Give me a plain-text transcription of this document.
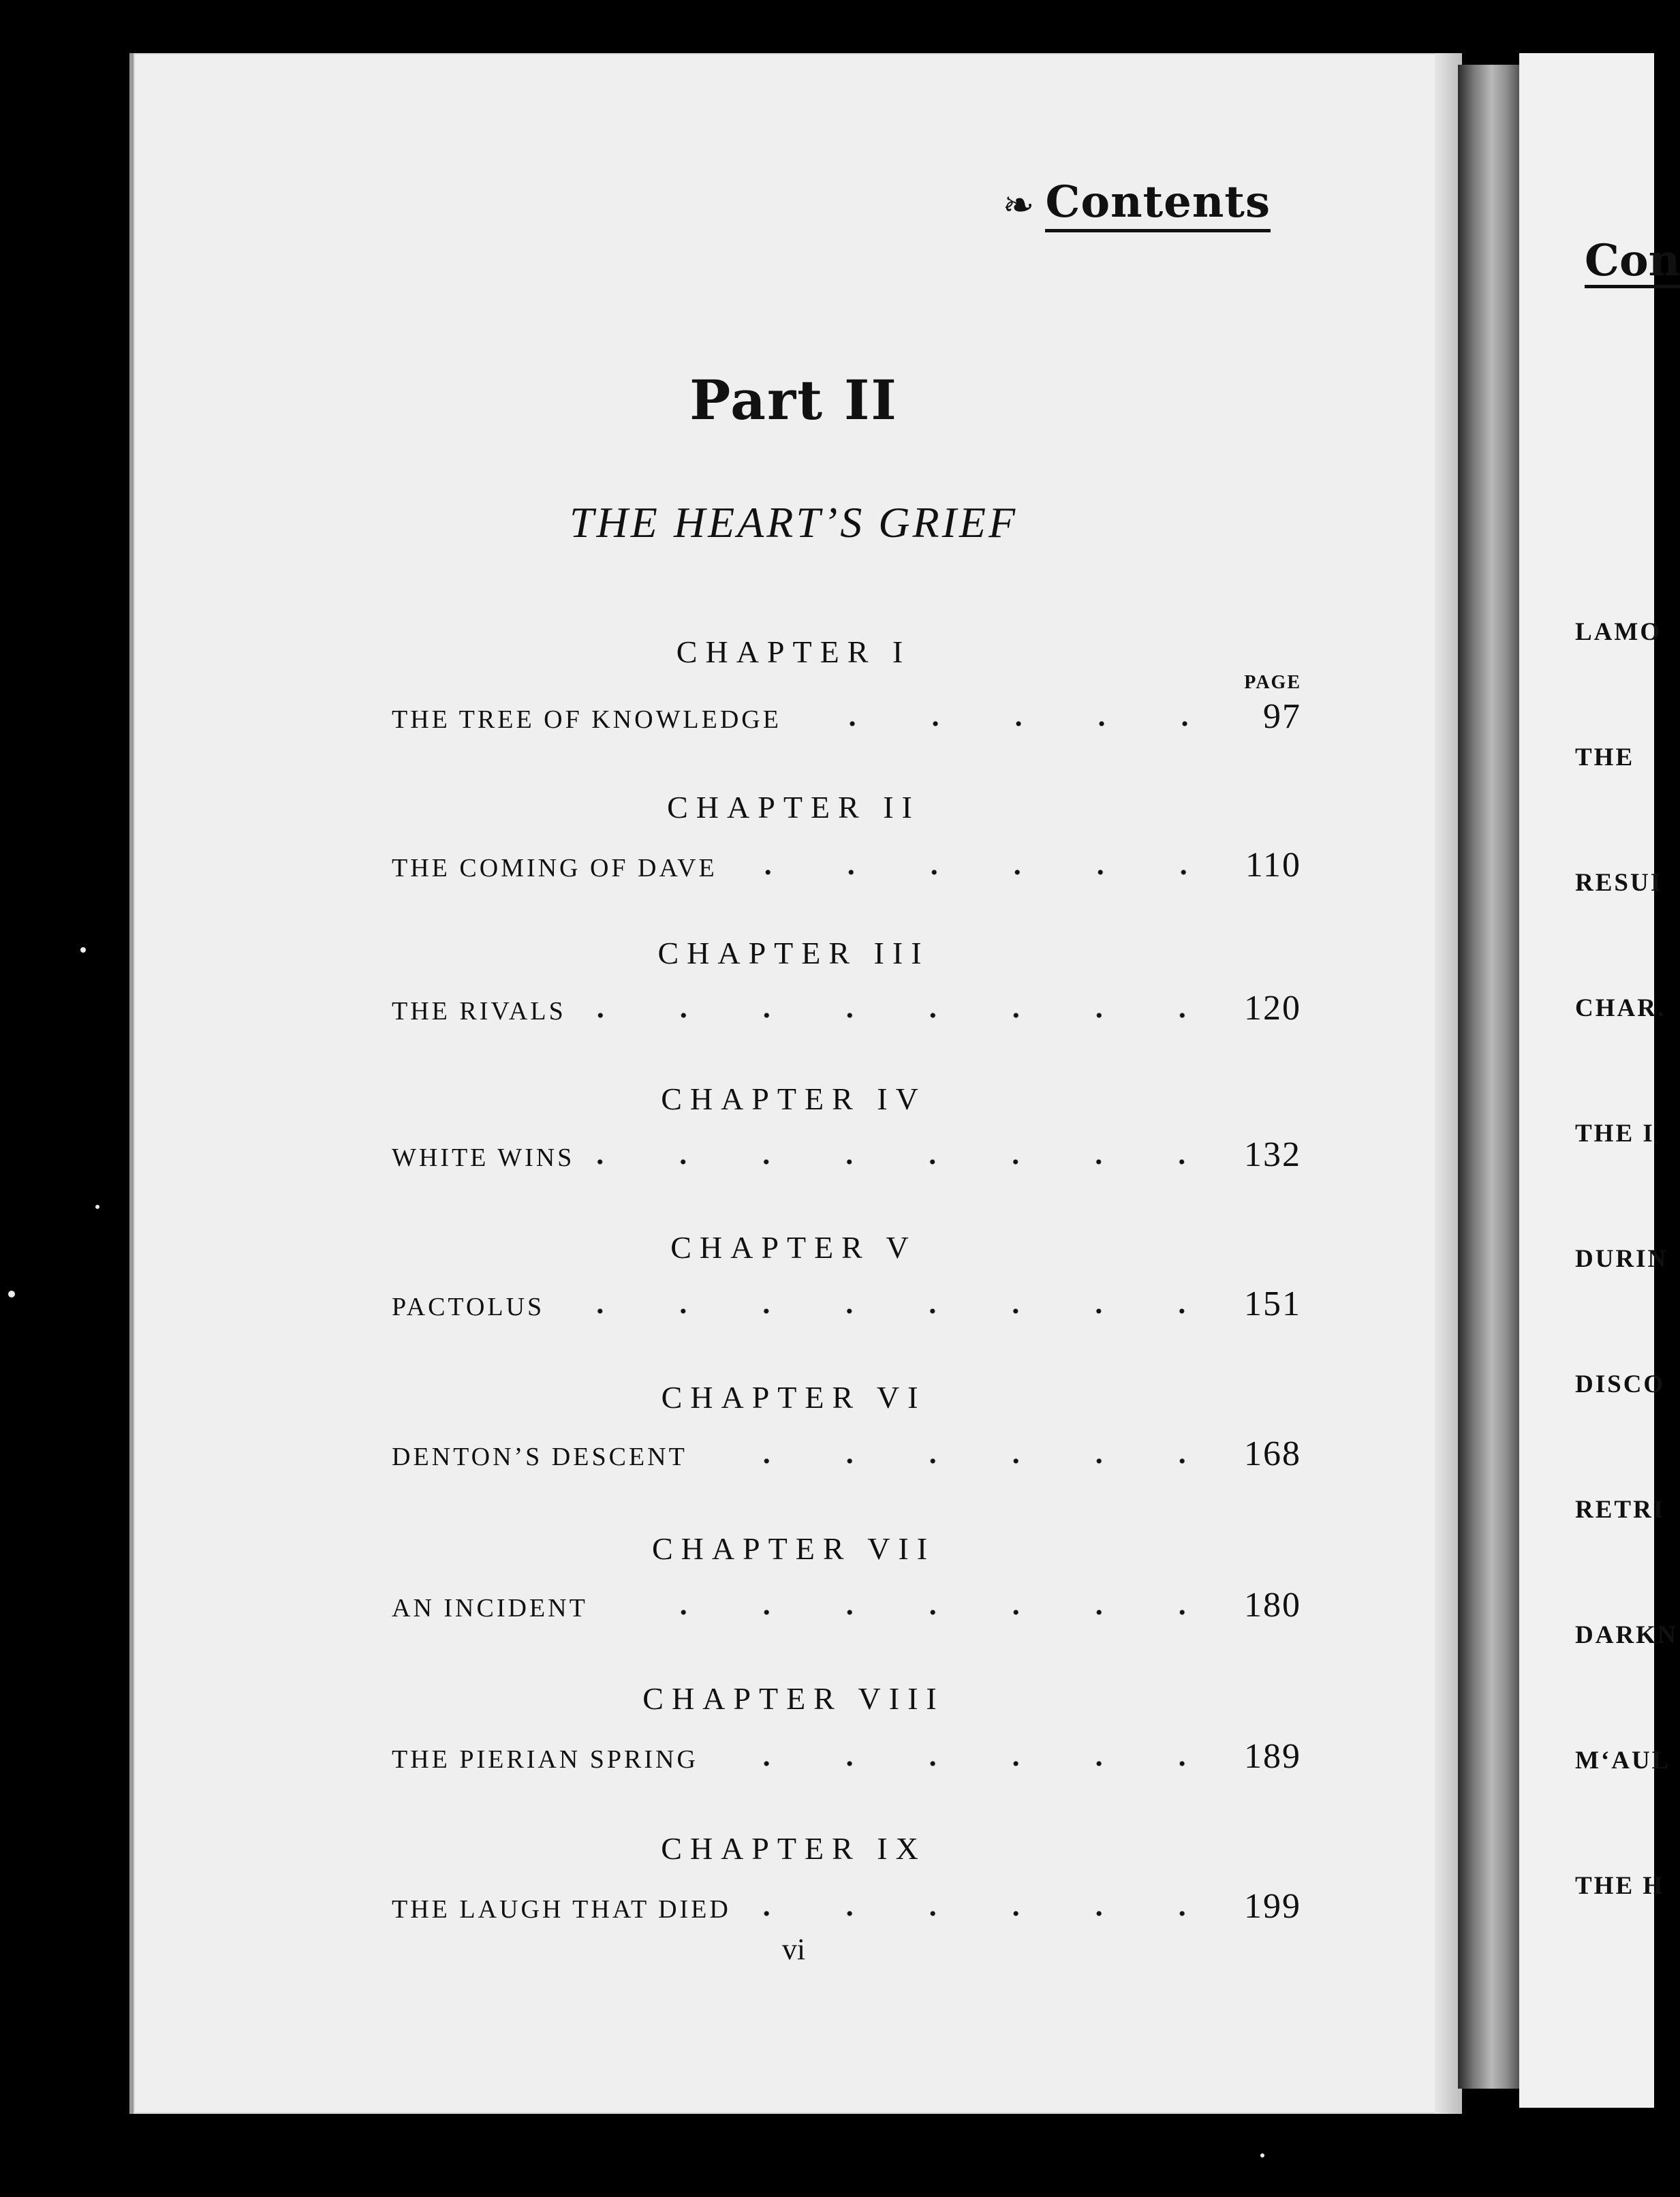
Con
LAMO
THE
RESUI
CHAR.
THE I
DURIN
DISCO
RETRI
DARKN
M‘AUL
THE H
❧ Contents
Part II
THE HEART’S GRIEF
PAGE
CHAPTER I
THE TREE OF KNOWLEDGE	97
CHAPTER II
THE COMING OF DAVE	110
CHAPTER III
THE RIVALS	120
CHAPTER IV
WHITE WINS	132
CHAPTER V
PACTOLUS	151
CHAPTER VI
DENTON’S DESCENT	168
CHAPTER VII
AN INCIDENT	180
CHAPTER VIII
THE PIERIAN SPRING	189
CHAPTER IX
THE LAUGH THAT DIED	199
vi
